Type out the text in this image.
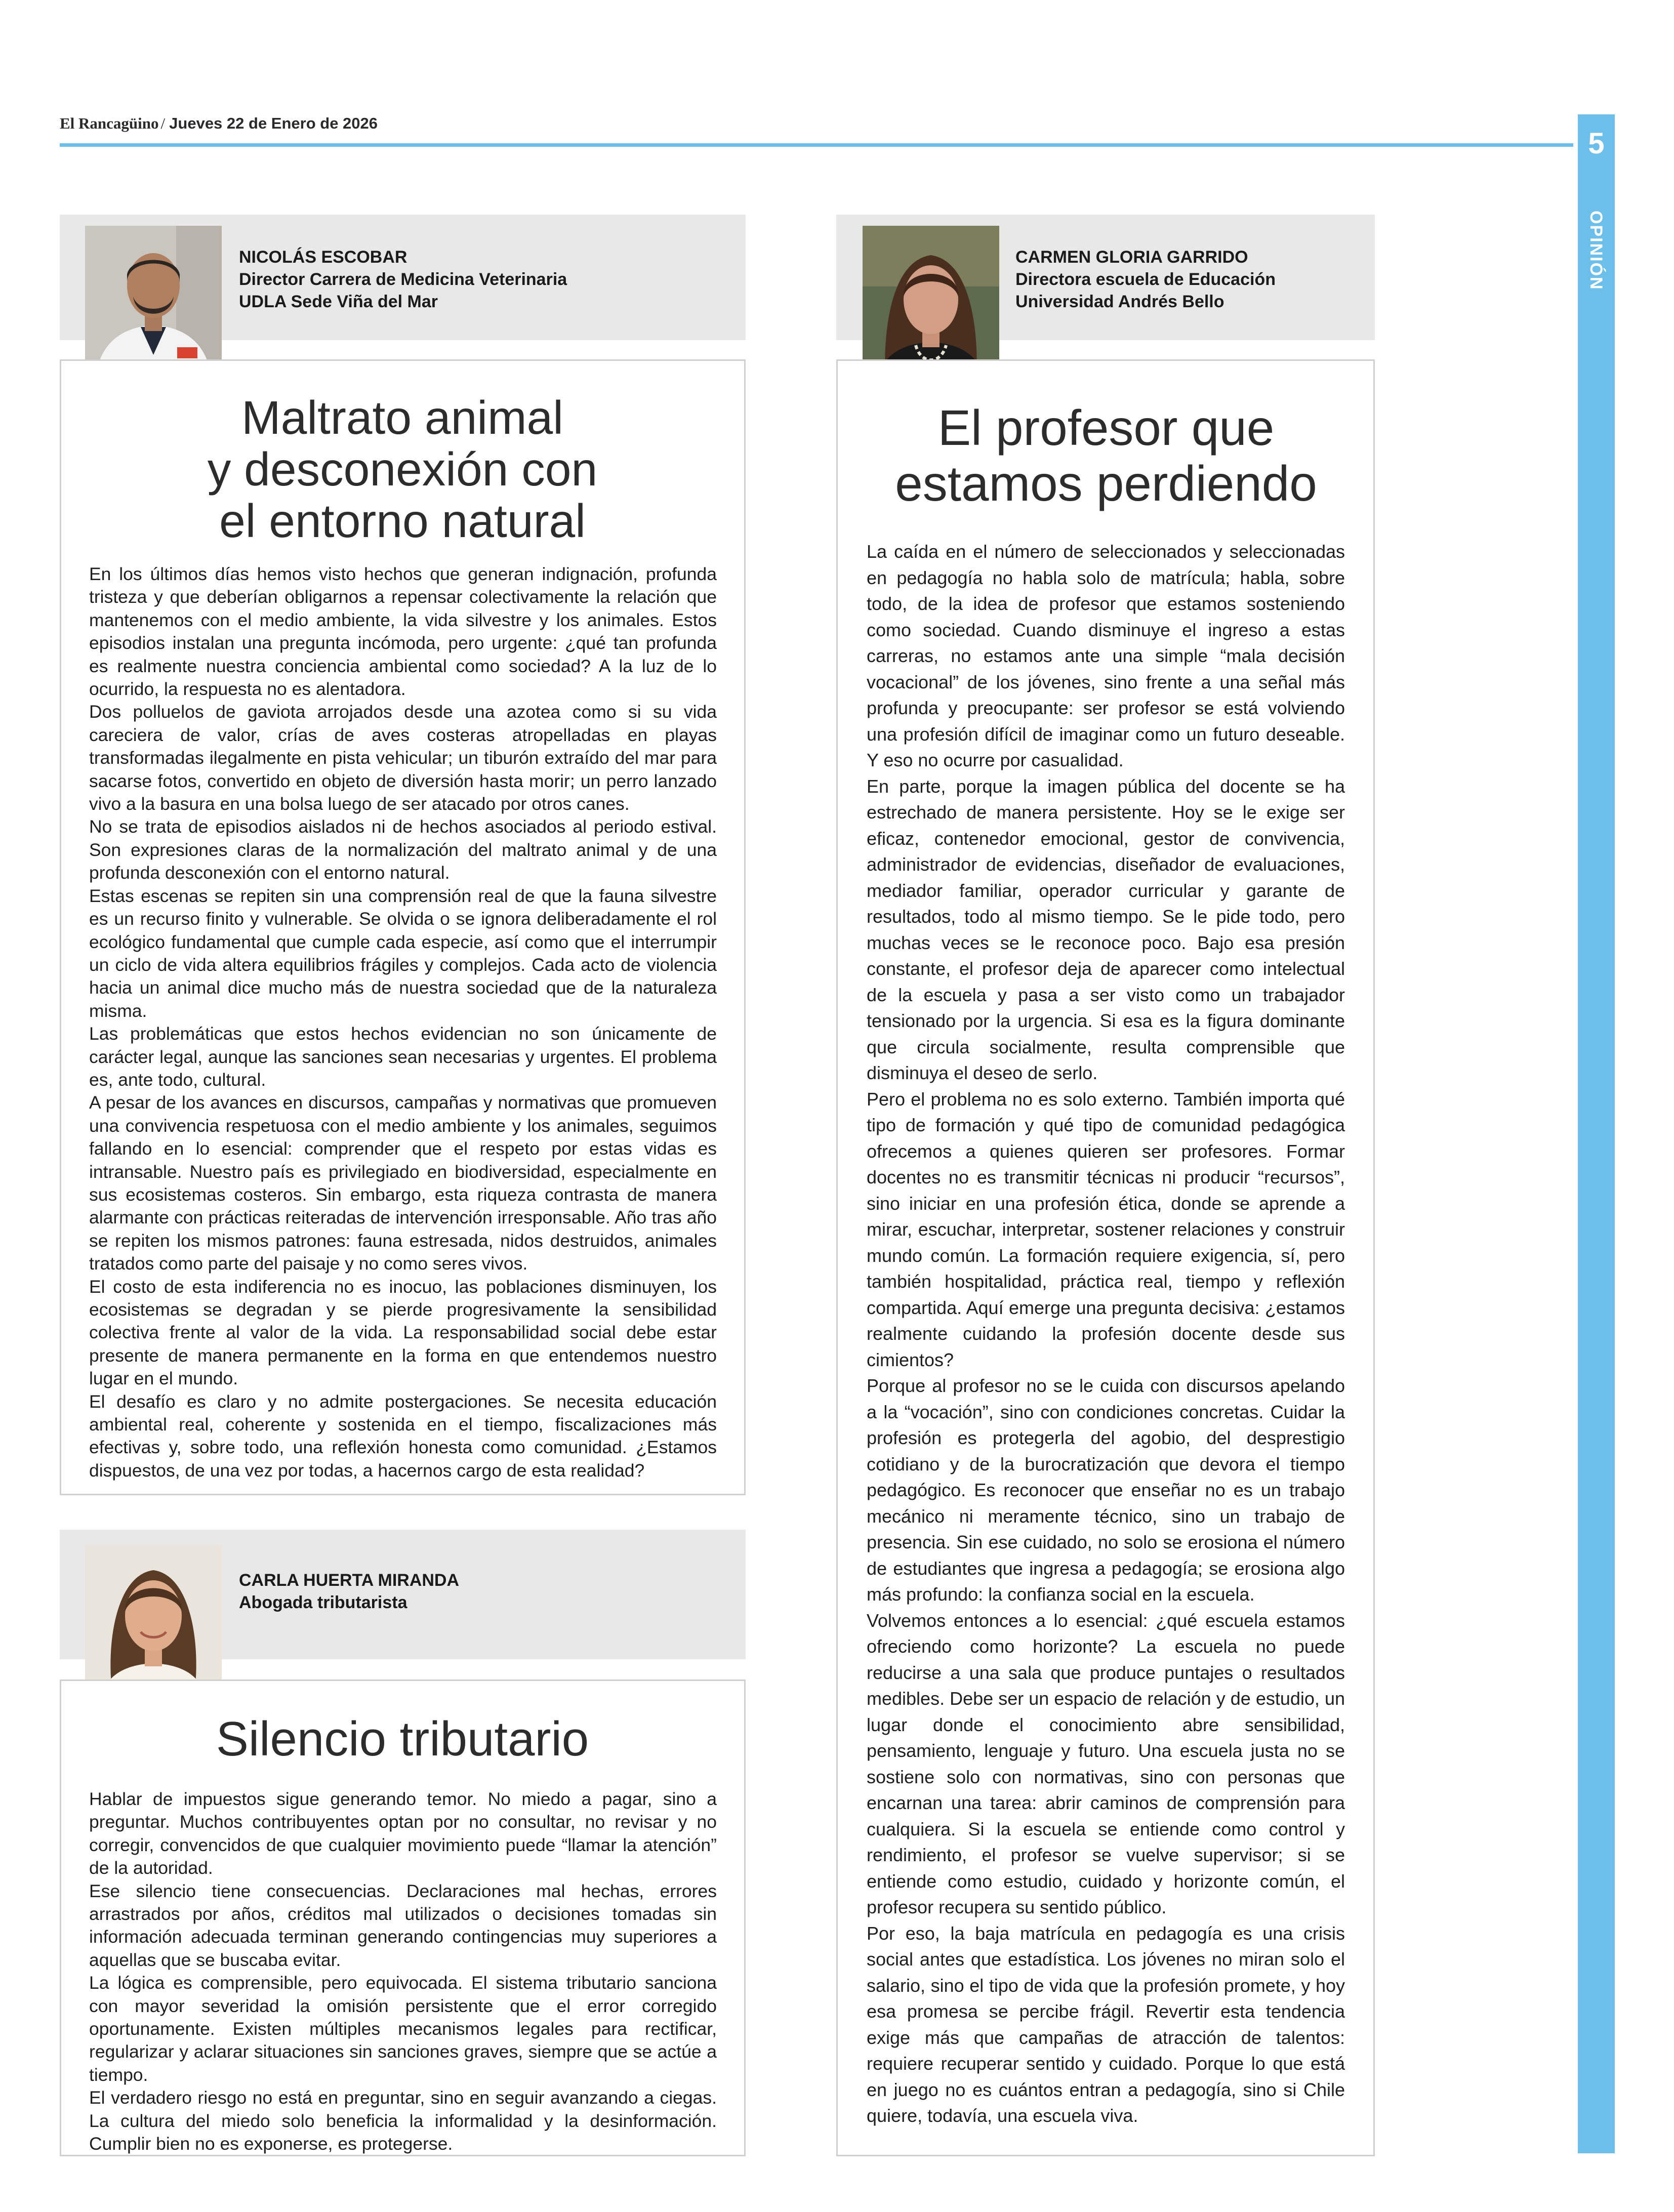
El Rancagüino / Jueves 22 de Enero de 2026
5
OPINIÓN
NICOLÁS ESCOBAR
Director Carrera de Medicina Veterinaria
UDLA Sede Viña del Mar
Maltrato animal
y desconexión con
el entorno natural

En los últimos días hemos visto hechos que generan indignación, profunda tristeza y que deberían obligarnos a repensar colectivamente la relación que mantenemos con el medio ambiente, la vida silvestre y los animales. Estos episodios instalan una pregunta incómoda, pero urgente: ¿qué tan profunda es realmente nuestra conciencia ambiental como sociedad? A la luz de lo ocurrido, la respuesta no es alentadora.

Dos polluelos de gaviota arrojados desde una azotea como si su vida careciera de valor, crías de aves costeras atropelladas en playas transformadas ilegalmente en pista vehicular; un tiburón extraído del mar para sacarse fotos, convertido en objeto de diversión hasta morir; un perro lanzado vivo a la basura en una bolsa luego de ser atacado por otros canes.

No se trata de episodios aislados ni de hechos asociados al periodo estival. Son expresiones claras de la normalización del maltrato animal y de una profunda desconexión con el entorno natural.

Estas escenas se repiten sin una comprensión real de que la fauna silvestre es un recurso finito y vulnerable. Se olvida o se ignora deliberadamente el rol ecológico fundamental que cumple cada especie, así como que el interrumpir un ciclo de vida altera equilibrios frágiles y complejos. Cada acto de violencia hacia un animal dice mucho más de nuestra sociedad que de la naturaleza misma.

Las problemáticas que estos hechos evidencian no son únicamente de carácter legal, aunque las sanciones sean necesarias y urgentes. El problema es, ante todo, cultural.

A pesar de los avances en discursos, campañas y normativas que promueven una convivencia respetuosa con el medio ambiente y los animales, seguimos fallando en lo esencial: comprender que el respeto por estas vidas es intransable. Nuestro país es privilegiado en biodiversidad, especialmente en sus ecosistemas costeros. Sin embargo, esta riqueza contrasta de manera alarmante con prácticas reiteradas de intervención irresponsable. Año tras año se repiten los mismos patrones: fauna estresada, nidos destruidos, animales tratados como parte del paisaje y no como seres vivos.

El costo de esta indiferencia no es inocuo, las poblaciones disminuyen, los ecosistemas se degradan y se pierde progresivamente la sensibilidad colectiva frente al valor de la vida. La responsabilidad social debe estar presente de manera permanente en la forma en que entendemos nuestro lugar en el mundo.

El desafío es claro y no admite postergaciones. Se necesita educación ambiental real, coherente y sostenida en el tiempo, fiscalizaciones más efectivas y, sobre todo, una reflexión honesta como comunidad. ¿Estamos dispuestos, de una vez por todas, a hacernos cargo de esta realidad?

CARLA HUERTA MIRANDA
Abogada tributarista
Silencio tributario

Hablar de impuestos sigue generando temor. No miedo a pagar, sino a preguntar. Muchos contribuyentes optan por no consultar, no revisar y no corregir, convencidos de que cualquier movimiento puede “llamar la atención” de la autoridad.

Ese silencio tiene consecuencias. Declaraciones mal hechas, errores arrastrados por años, créditos mal utilizados o decisiones tomadas sin información adecuada terminan generando contingencias muy superiores a aquellas que se buscaba evitar.

La lógica es comprensible, pero equivocada. El sistema tributario sanciona con mayor severidad la omisión persistente que el error corregido oportunamente. Existen múltiples mecanismos legales para rectificar, regularizar y aclarar situaciones sin sanciones graves, siempre que se actúe a tiempo.

El verdadero riesgo no está en preguntar, sino en seguir avanzando a ciegas. La cultura del miedo solo beneficia la informalidad y la desinformación. Cumplir bien no es exponerse, es protegerse.

CARMEN GLORIA GARRIDO
Directora escuela de Educación
Universidad Andrés Bello
El profesor que
estamos perdiendo

La caída en el número de seleccionados y seleccionadas en pedagogía no habla solo de matrícula; habla, sobre todo, de la idea de profesor que estamos sosteniendo como sociedad. Cuando disminuye el ingreso a estas carreras, no estamos ante una simple “mala decisión vocacional” de los jóvenes, sino frente a una señal más profunda y preocupante: ser profesor se está volviendo una profesión difícil de imaginar como un futuro deseable. Y eso no ocurre por casualidad.

En parte, porque la imagen pública del docente se ha estrechado de manera persistente. Hoy se le exige ser eficaz, contenedor emocional, gestor de convivencia, administrador de evidencias, diseñador de evaluaciones, mediador familiar, operador curricular y garante de resultados, todo al mismo tiempo. Se le pide todo, pero muchas veces se le reconoce poco. Bajo esa presión constante, el profesor deja de aparecer como intelectual de la escuela y pasa a ser visto como un trabajador tensionado por la urgencia. Si esa es la figura dominante que circula socialmente, resulta comprensible que disminuya el deseo de serlo.

Pero el problema no es solo externo. También importa qué tipo de formación y qué tipo de comunidad pedagógica ofrecemos a quienes quieren ser profesores. Formar docentes no es transmitir técnicas ni producir “recursos”, sino iniciar en una profesión ética, donde se aprende a mirar, escuchar, interpretar, sostener relaciones y construir mundo común. La formación requiere exigencia, sí, pero también hospitalidad, práctica real, tiempo y reflexión compartida. Aquí emerge una pregunta decisiva: ¿estamos realmente cuidando la profesión docente desde sus cimientos?

Porque al profesor no se le cuida con discursos apelando a la “vocación”, sino con condiciones concretas. Cuidar la profesión es protegerla del agobio, del desprestigio cotidiano y de la burocratización que devora el tiempo pedagógico. Es reconocer que enseñar no es un trabajo mecánico ni meramente técnico, sino un trabajo de presencia. Sin ese cuidado, no solo se erosiona el número de estudiantes que ingresa a pedagogía; se erosiona algo más profundo: la confianza social en la escuela.

Volvemos entonces a lo esencial: ¿qué escuela estamos ofreciendo como horizonte? La escuela no puede reducirse a una sala que produce puntajes o resultados medibles. Debe ser un espacio de relación y de estudio, un lugar donde el conocimiento abre sensibilidad, pensamiento, lenguaje y futuro. Una escuela justa no se sostiene solo con normativas, sino con personas que encarnan una tarea: abrir caminos de comprensión para cualquiera. Si la escuela se entiende como control y rendimiento, el profesor se vuelve supervisor; si se entiende como estudio, cuidado y horizonte común, el profesor recupera su sentido público.

Por eso, la baja matrícula en pedagogía es una crisis social antes que estadística. Los jóvenes no miran solo el salario, sino el tipo de vida que la profesión promete, y hoy esa promesa se percibe frágil. Revertir esta tendencia exige más que campañas de atracción de talentos: requiere recuperar sentido y cuidado. Porque lo que está en juego no es cuántos entran a pedagogía, sino si Chile quiere, todavía, una escuela viva.
